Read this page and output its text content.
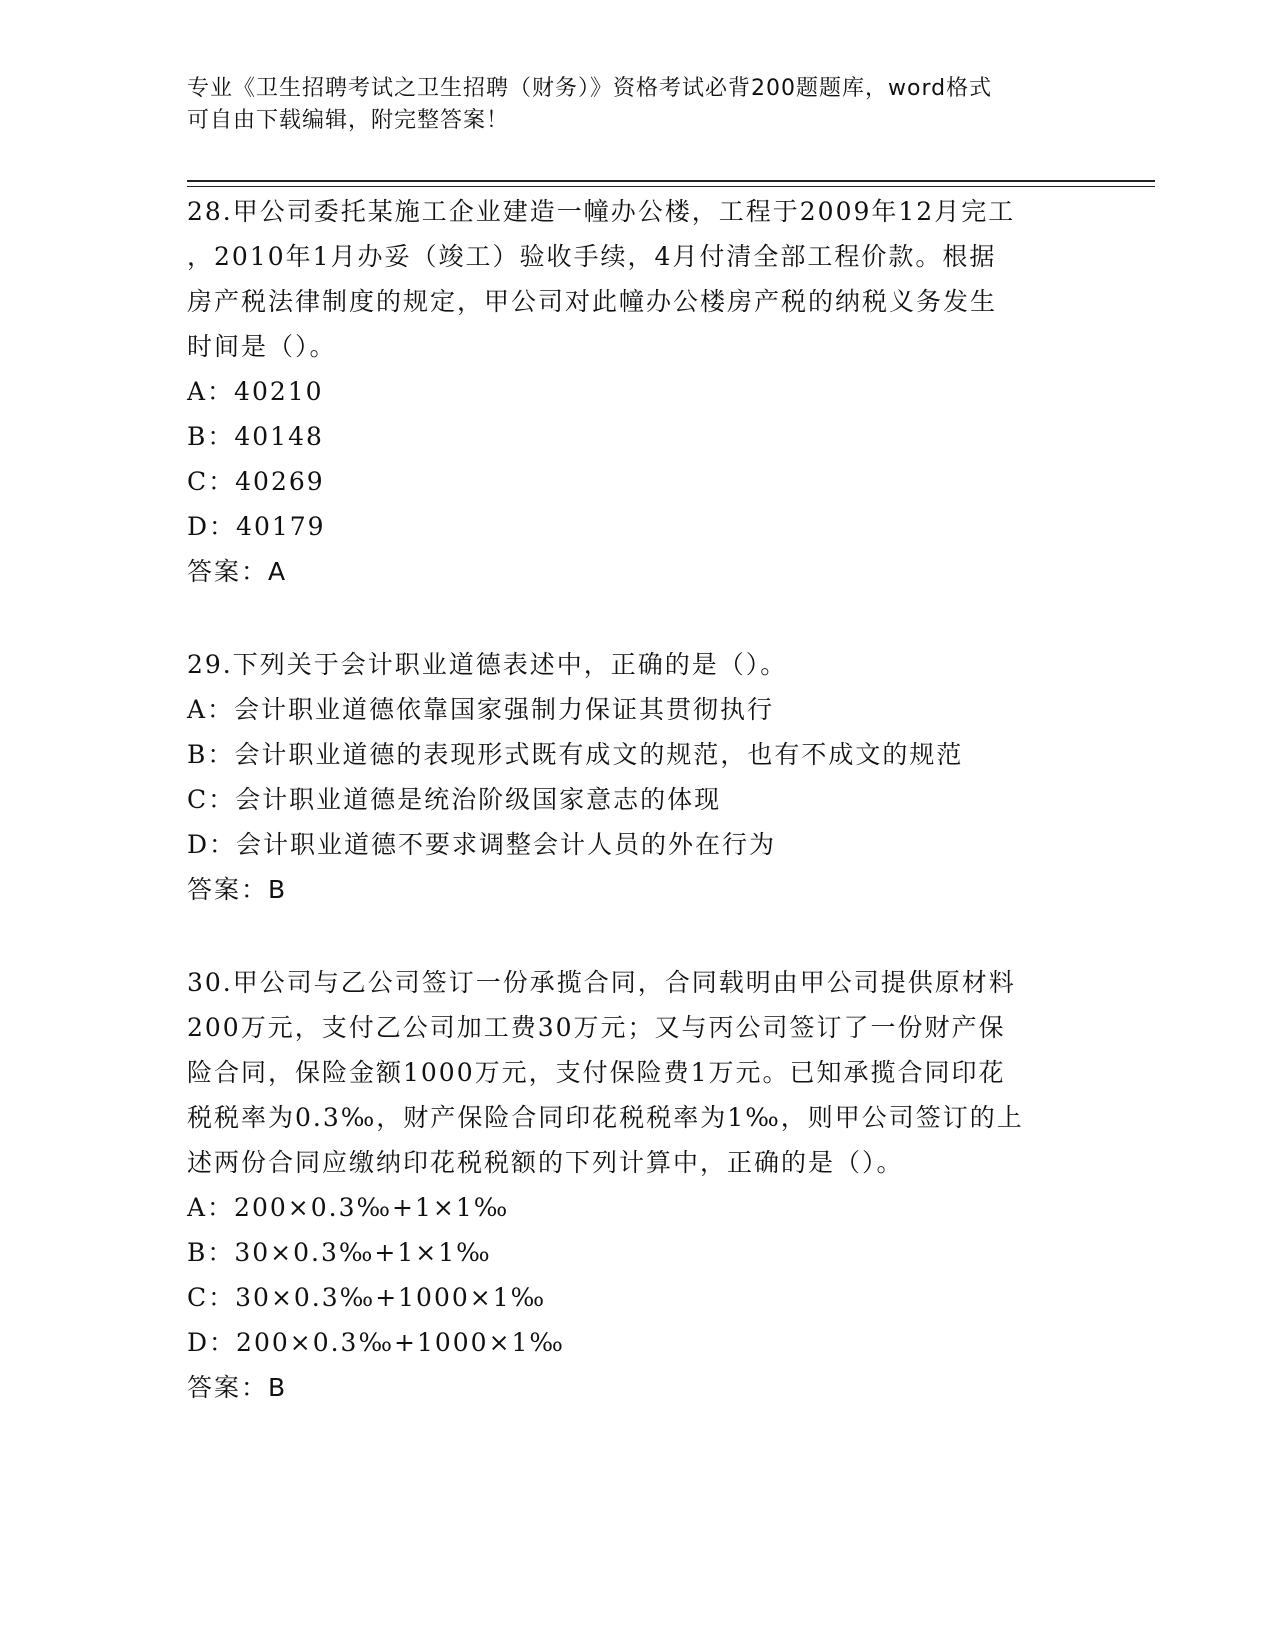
专业《卫生招聘考试之卫生招聘（财务）》资格考试必背200题题库，word格式
可自由下载编辑，附完整答案！

28.甲公司委托某施工企业建造一幢办公楼，工程于2009年12月完工

，2010年1月办妥（竣工）验收手续，4月付清全部工程价款。根据

房产税法律制度的规定，甲公司对此幢办公楼房产税的纳税义务发生

时间是（）。

A：40210

B：40148

C：40269

D：40179

答案：A

29.下列关于会计职业道德表述中，正确的是（）。

A：会计职业道德依靠国家强制力保证其贯彻执行

B：会计职业道德的表现形式既有成文的规范，也有不成文的规范

C：会计职业道德是统治阶级国家意志的体现

D：会计职业道德不要求调整会计人员的外在行为

答案：B

30.甲公司与乙公司签订一份承揽合同，合同载明由甲公司提供原材料

200万元，支付乙公司加工费30万元；又与丙公司签订了一份财产保

险合同，保险金额1000万元，支付保险费1万元。已知承揽合同印花

税税率为0.3‰，财产保险合同印花税税率为1‰，则甲公司签订的上

述两份合同应缴纳印花税税额的下列计算中，正确的是（）。

A：200×0.3‰+1×1‰

B：30×0.3‰+1×1‰

C：30×0.3‰+1000×1‰

D：200×0.3‰+1000×1‰

答案：B
